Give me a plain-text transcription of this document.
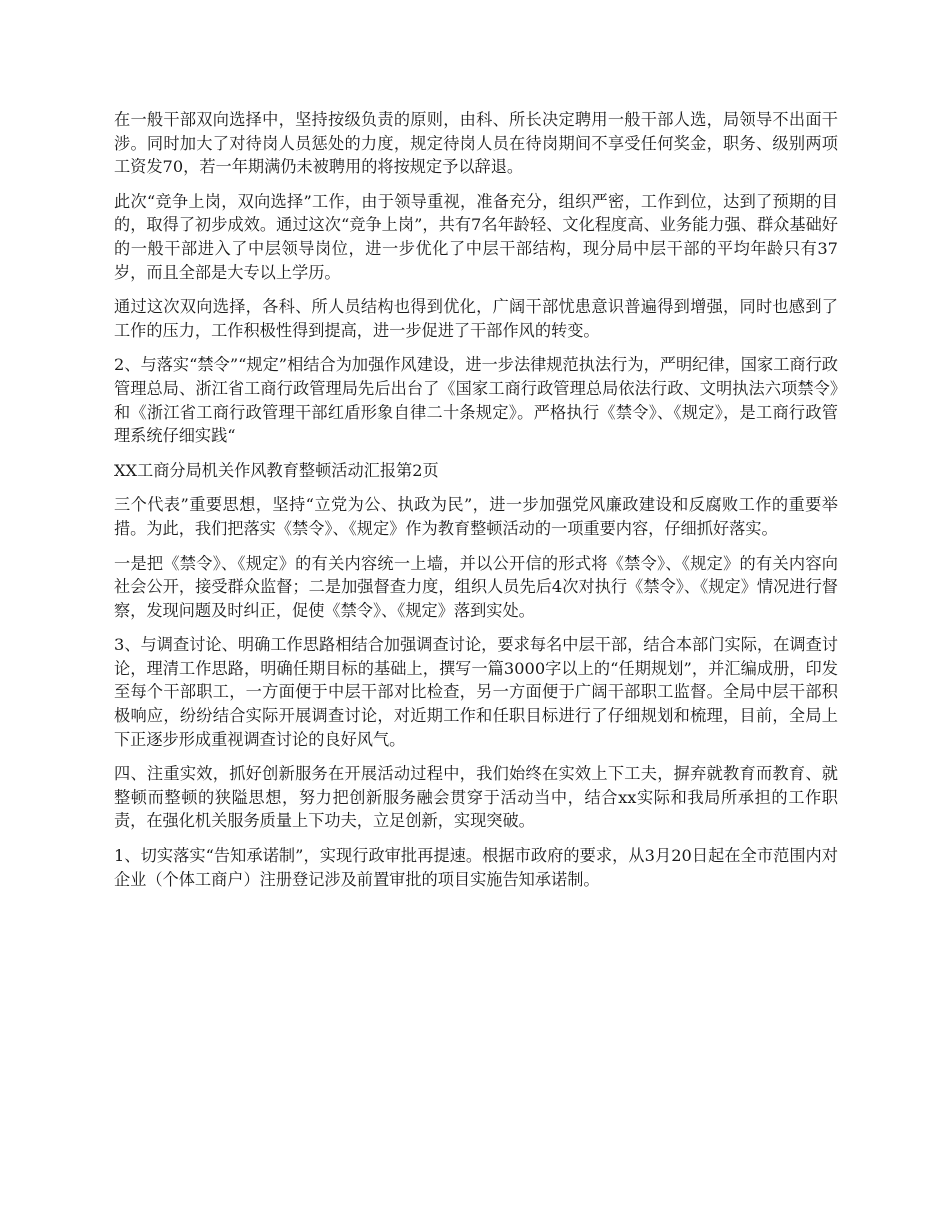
在一般干部双向选择中，坚持按级负责的原则，由科、所长决定聘用一般干部人选，局领导不出面干涉。同时加大了对待岗人员惩处的力度，规定待岗人员在待岗期间不享受任何奖金，职务、级别两项工资发70，若一年期满仍未被聘用的将按规定予以辞退。

此次“竞争上岗，双向选择”工作，由于领导重视，准备充分，组织严密，工作到位，达到了预期的目的，取得了初步成效。通过这次“竞争上岗”，共有7名年龄轻、文化程度高、业务能力强、群众基础好的一般干部进入了中层领导岗位，进一步优化了中层干部结构，现分局中层干部的平均年龄只有37岁，而且全部是大专以上学历。

通过这次双向选择，各科、所人员结构也得到优化，广阔干部忧患意识普遍得到增强，同时也感到了工作的压力，工作积极性得到提高，进一步促进了干部作风的转变。

2、与落实“禁令”“规定”相结合为加强作风建设，进一步法律规范执法行为，严明纪律，国家工商行政管理总局、浙江省工商行政管理局先后出台了《国家工商行政管理总局依法行政、文明执法六项禁令》和《浙江省工商行政管理干部红盾形象自律二十条规定》。严格执行《禁令》、《规定》，是工商行政管理系统仔细实践“

XX工商分局机关作风教育整顿活动汇报第2页

三个代表”重要思想，坚持“立党为公、执政为民”，进一步加强党风廉政建设和反腐败工作的重要举措。为此，我们把落实《禁令》、《规定》作为教育整顿活动的一项重要内容，仔细抓好落实。

一是把《禁令》、《规定》的有关内容统一上墙，并以公开信的形式将《禁令》、《规定》的有关内容向社会公开，接受群众监督；二是加强督查力度，组织人员先后4次对执行《禁令》、《规定》情况进行督察，发现问题及时纠正，促使《禁令》、《规定》落到实处。

3、与调查讨论、明确工作思路相结合加强调查讨论，要求每名中层干部，结合本部门实际，在调查讨论，理清工作思路，明确任期目标的基础上，撰写一篇3000字以上的“任期规划”，并汇编成册，印发至每个干部职工，一方面便于中层干部对比检查，另一方面便于广阔干部职工监督。全局中层干部积极响应，纷纷结合实际开展调查讨论，对近期工作和任职目标进行了仔细规划和梳理，目前，全局上下正逐步形成重视调查讨论的良好风气。

四、注重实效，抓好创新服务在开展活动过程中，我们始终在实效上下工夫，摒弃就教育而教育、就整顿而整顿的狭隘思想，努力把创新服务融会贯穿于活动当中，结合xx实际和我局所承担的工作职责，在强化机关服务质量上下功夫，立足创新，实现突破。

1、切实落实“告知承诺制”，实现行政审批再提速。根据市政府的要求，从3月20日起在全市范围内对企业（个体工商户）注册登记涉及前置审批的项目实施告知承诺制。
